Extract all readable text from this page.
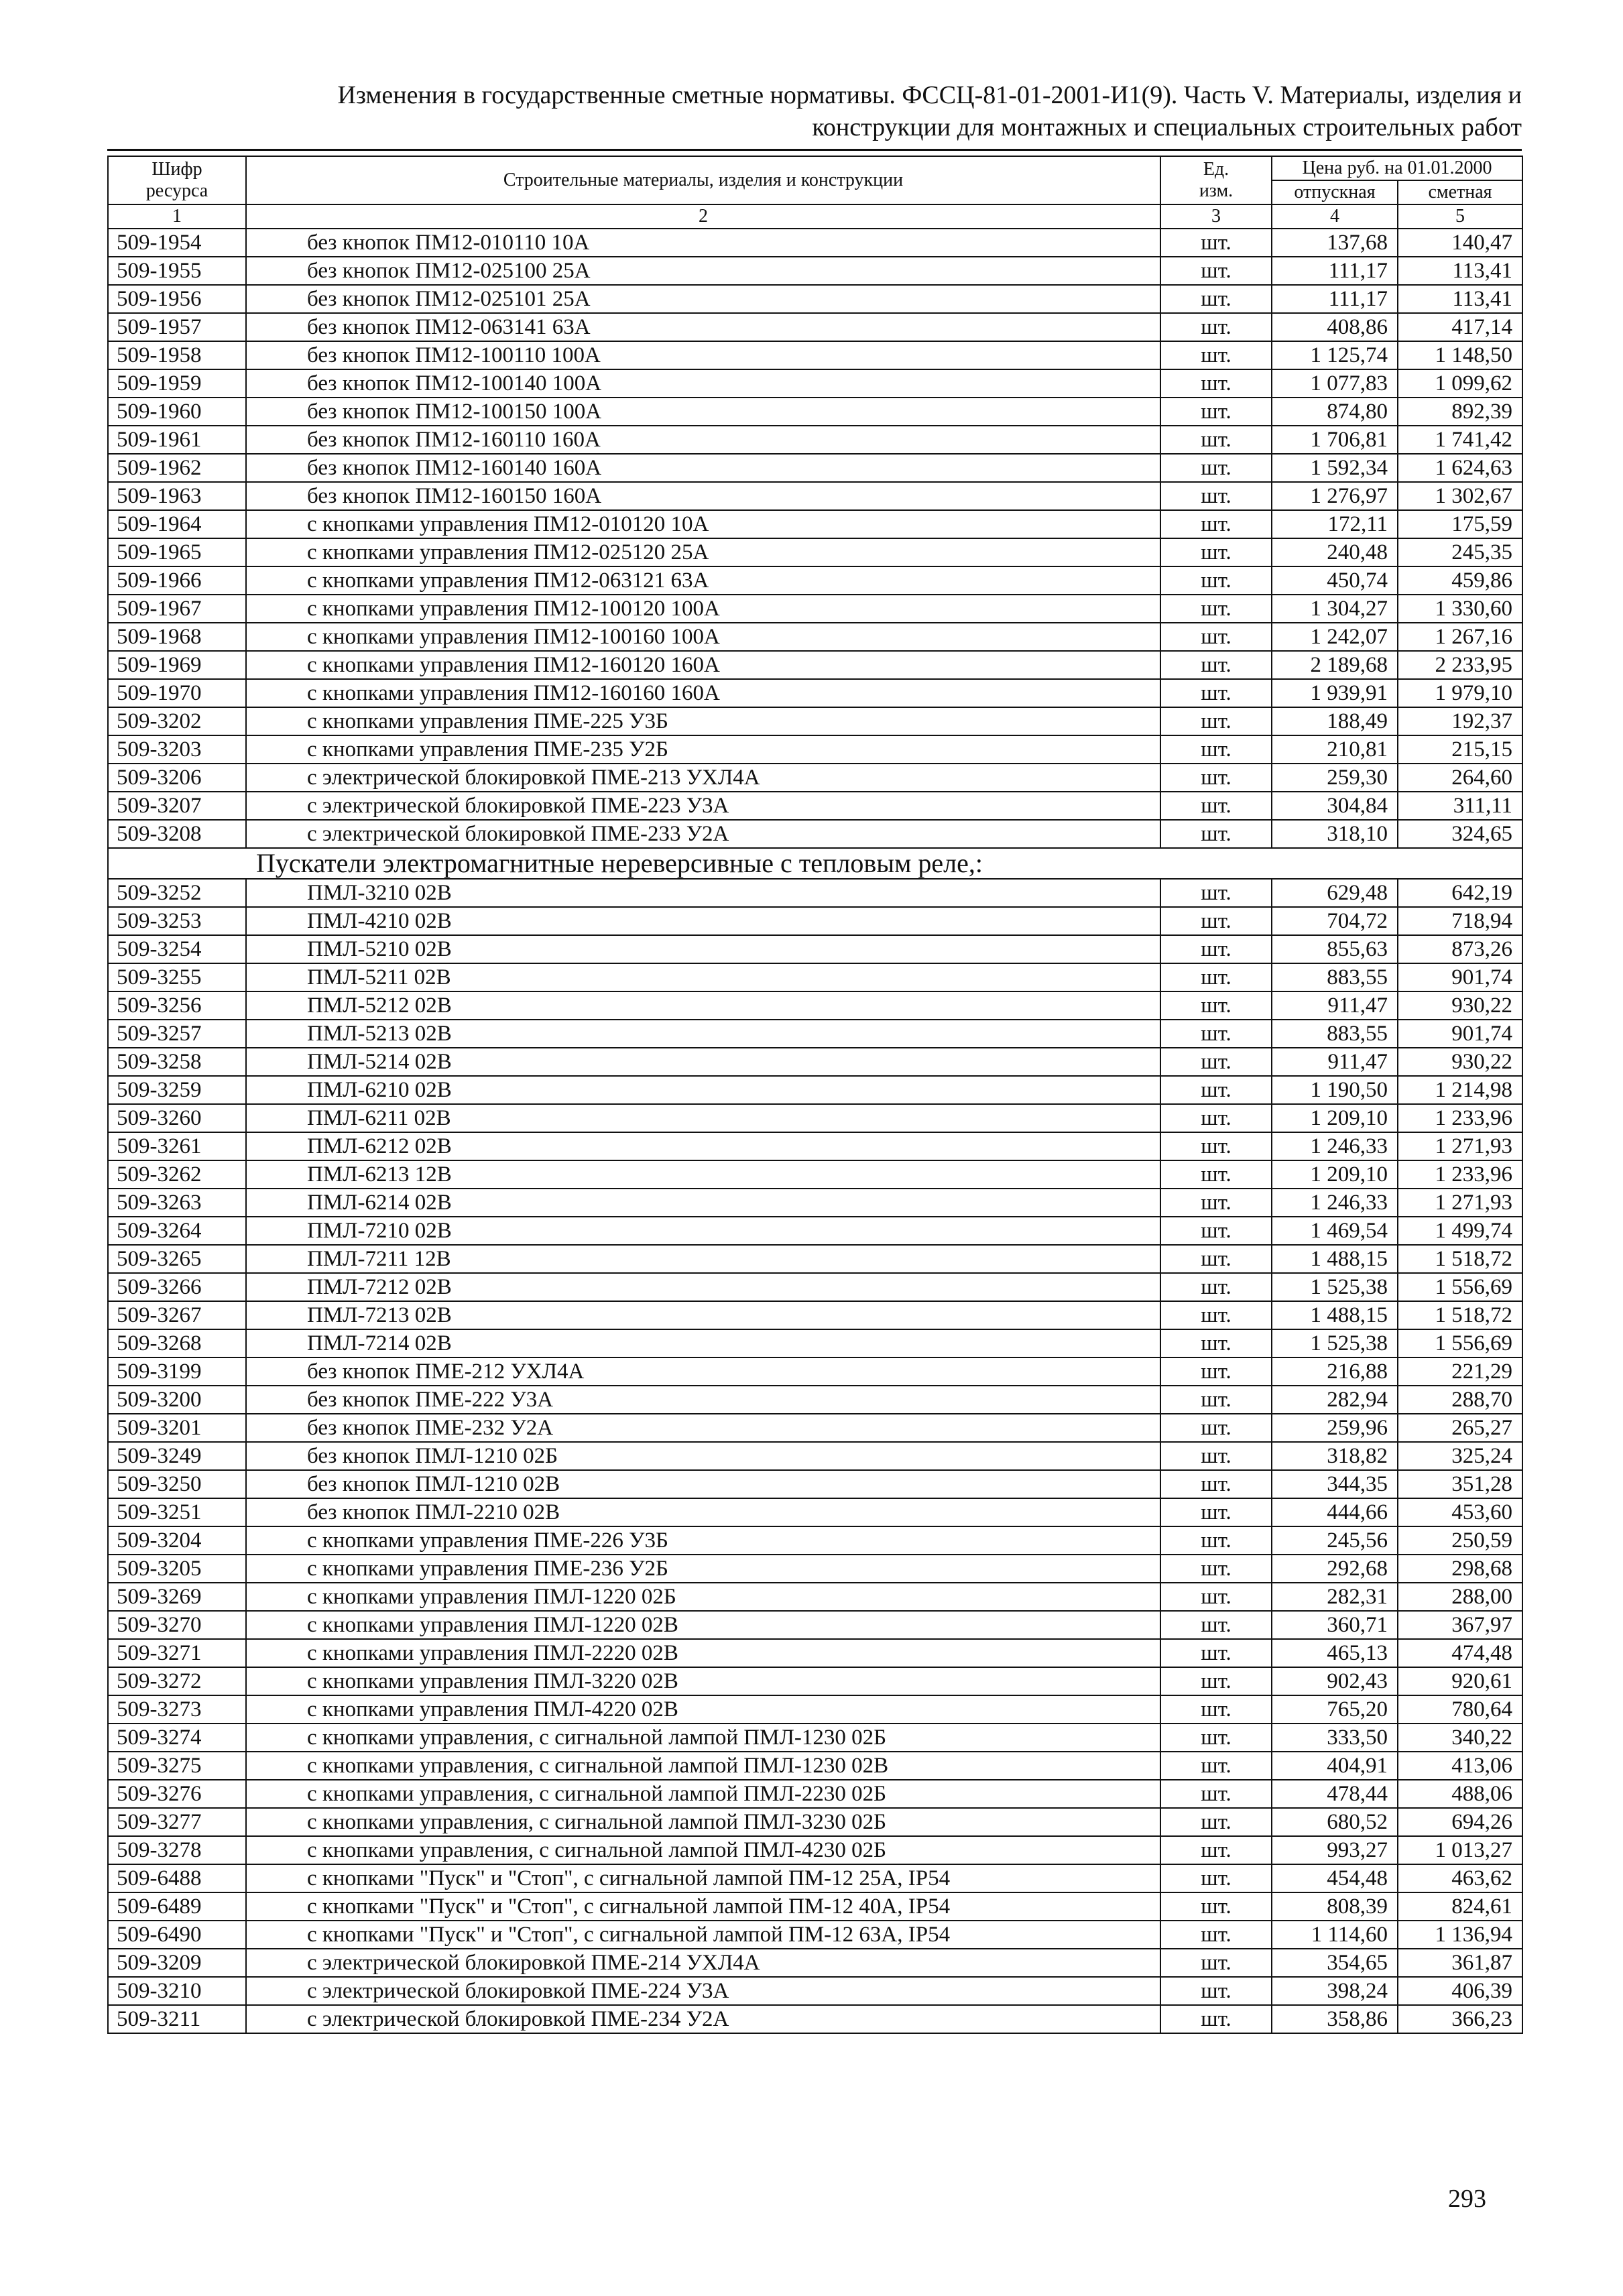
Изменения в государственные сметные нормативы. ФССЦ-81-01-2001-И1(9). Часть V. Материалы, изделия и
конструкции для монтажных и специальных строительных работ
Шифр ресурса	Строительные материалы, изделия и конструкции	Ед. изм.	Цена руб. на 01.01.2000	
			отпускная	сметная
1	2	3	4	5
509-1954	без кнопок ПМ12-010110 10А	шт.	137,68	140,47
509-1955	без кнопок ПМ12-025100 25А	шт.	111,17	113,41
509-1956	без кнопок ПМ12-025101 25А	шт.	111,17	113,41
509-1957	без кнопок ПМ12-063141 63А	шт.	408,86	417,14
509-1958	без кнопок ПМ12-100110 100А	шт.	1 125,74	1 148,50
509-1959	без кнопок ПМ12-100140 100А	шт.	1 077,83	1 099,62
509-1960	без кнопок ПМ12-100150 100А	шт.	874,80	892,39
509-1961	без кнопок ПМ12-160110 160А	шт.	1 706,81	1 741,42
509-1962	без кнопок ПМ12-160140 160А	шт.	1 592,34	1 624,63
509-1963	без кнопок ПМ12-160150 160А	шт.	1 276,97	1 302,67
509-1964	с кнопками управления ПМ12-010120 10А	шт.	172,11	175,59
509-1965	с кнопками управления ПМ12-025120 25А	шт.	240,48	245,35
509-1966	с кнопками управления ПМ12-063121 63А	шт.	450,74	459,86
509-1967	с кнопками управления ПМ12-100120 100А	шт.	1 304,27	1 330,60
509-1968	с кнопками управления ПМ12-100160 100А	шт.	1 242,07	1 267,16
509-1969	с кнопками управления ПМ12-160120 160А	шт.	2 189,68	2 233,95
509-1970	с кнопками управления ПМ12-160160 160А	шт.	1 939,91	1 979,10
509-3202	с кнопками управления ПМЕ-225 У3Б	шт.	188,49	192,37
509-3203	с кнопками управления ПМЕ-235 У2Б	шт.	210,81	215,15
509-3206	с электрической блокировкой ПМЕ-213 УХЛ4А	шт.	259,30	264,60
509-3207	с электрической блокировкой ПМЕ-223 У3А	шт.	304,84	311,11
509-3208	с электрической блокировкой ПМЕ-233 У2А	шт.	318,10	324,65
Пускатели электромагнитные нереверсивные с тепловым реле,:				
509-3252	ПМЛ-3210 02В	шт.	629,48	642,19
509-3253	ПМЛ-4210 02В	шт.	704,72	718,94
509-3254	ПМЛ-5210 02В	шт.	855,63	873,26
509-3255	ПМЛ-5211 02В	шт.	883,55	901,74
509-3256	ПМЛ-5212 02В	шт.	911,47	930,22
509-3257	ПМЛ-5213 02В	шт.	883,55	901,74
509-3258	ПМЛ-5214 02В	шт.	911,47	930,22
509-3259	ПМЛ-6210 02В	шт.	1 190,50	1 214,98
509-3260	ПМЛ-6211 02В	шт.	1 209,10	1 233,96
509-3261	ПМЛ-6212 02В	шт.	1 246,33	1 271,93
509-3262	ПМЛ-6213 12В	шт.	1 209,10	1 233,96
509-3263	ПМЛ-6214 02В	шт.	1 246,33	1 271,93
509-3264	ПМЛ-7210 02В	шт.	1 469,54	1 499,74
509-3265	ПМЛ-7211 12В	шт.	1 488,15	1 518,72
509-3266	ПМЛ-7212 02В	шт.	1 525,38	1 556,69
509-3267	ПМЛ-7213 02В	шт.	1 488,15	1 518,72
509-3268	ПМЛ-7214 02В	шт.	1 525,38	1 556,69
509-3199	без кнопок ПМЕ-212 УХЛ4А	шт.	216,88	221,29
509-3200	без кнопок ПМЕ-222 У3А	шт.	282,94	288,70
509-3201	без кнопок ПМЕ-232 У2А	шт.	259,96	265,27
509-3249	без кнопок ПМЛ-1210 02Б	шт.	318,82	325,24
509-3250	без кнопок ПМЛ-1210 02В	шт.	344,35	351,28
509-3251	без кнопок ПМЛ-2210 02В	шт.	444,66	453,60
509-3204	с кнопками управления ПМЕ-226 У3Б	шт.	245,56	250,59
509-3205	с кнопками управления ПМЕ-236 У2Б	шт.	292,68	298,68
509-3269	с кнопками управления ПМЛ-1220 02Б	шт.	282,31	288,00
509-3270	с кнопками управления ПМЛ-1220 02В	шт.	360,71	367,97
509-3271	с кнопками управления ПМЛ-2220 02В	шт.	465,13	474,48
509-3272	с кнопками управления ПМЛ-3220 02В	шт.	902,43	920,61
509-3273	с кнопками управления ПМЛ-4220 02В	шт.	765,20	780,64
509-3274	с кнопками управления, с сигнальной лампой ПМЛ-1230 02Б	шт.	333,50	340,22
509-3275	с кнопками управления, с сигнальной лампой ПМЛ-1230 02В	шт.	404,91	413,06
509-3276	с кнопками управления, с сигнальной лампой ПМЛ-2230 02Б	шт.	478,44	488,06
509-3277	с кнопками управления, с сигнальной лампой ПМЛ-3230 02Б	шт.	680,52	694,26
509-3278	с кнопками управления, с сигнальной лампой ПМЛ-4230 02Б	шт.	993,27	1 013,27
509-6488	с кнопками "Пуск" и "Стоп", с сигнальной лампой ПМ-12 25А, IP54	шт.	454,48	463,62
509-6489	с кнопками "Пуск" и "Стоп", с сигнальной лампой ПМ-12 40А, IP54	шт.	808,39	824,61
509-6490	с кнопками "Пуск" и "Стоп", с сигнальной лампой ПМ-12 63А, IP54	шт.	1 114,60	1 136,94
509-3209	с электрической блокировкой ПМЕ-214 УХЛ4А	шт.	354,65	361,87
509-3210	с электрической блокировкой ПМЕ-224 У3А	шт.	398,24	406,39
509-3211	с электрической блокировкой ПМЕ-234 У2А	шт.	358,86	366,23
293
